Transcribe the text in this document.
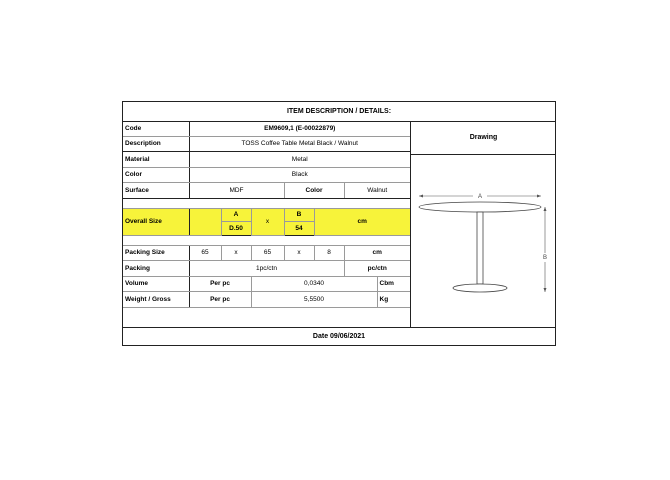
ITEM DESCRIPTION / DETAILS:
Code	EM9609,1 (E-00022879)						
Description	TOSS Coffee Table Metal Black / Walnut						
Material	Metal						
Color	Black						
Surface	MDF			Color		Walnut	

Overall Size		A	x	B	cm		
		D.50		54			

Packing Size	65	x	65	x	8	cm	
Packing	1pc/ctn					pc/ctn	
Volume	Per pc		0,0340				Cbm
Weight / Gross	Per pc		5,5500				Kg
Drawing
A
B
Date 09/06/2021
